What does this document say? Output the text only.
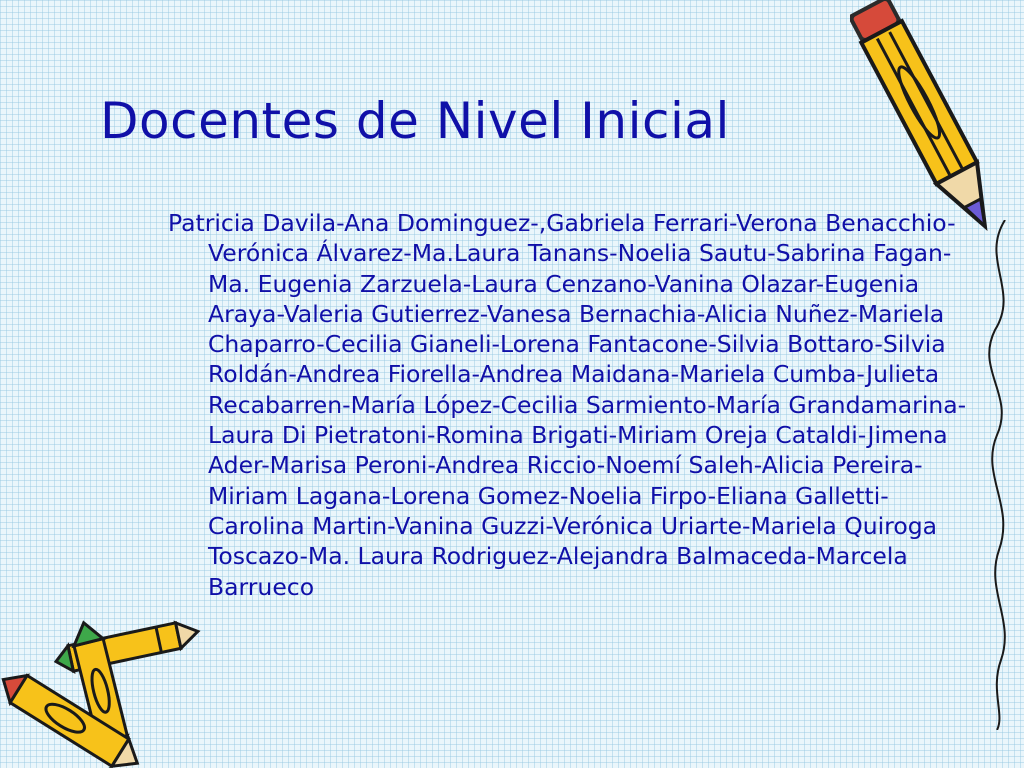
Docentes de Nivel Inicial

Patricia Davila-Ana Dominguez-,Gabriela Ferrari-Verona Benacchio-Verónica Álvarez-Ma.Laura Tanans-Noelia Sautu-Sabrina Fagan-Ma. Eugenia Zarzuela-Laura Cenzano-Vanina Olazar-Eugenia Araya-Valeria Gutierrez-Vanesa Bernachia-Alicia Nuñez-Mariela Chaparro-Cecilia Gianeli-Lorena Fantacone-Silvia Bottaro-Silvia Roldán-Andrea Fiorella-Andrea Maidana-Mariela Cumba-Julieta Recabarren-María López-Cecilia Sarmiento-María Grandamarina-Laura Di Pietratoni-Romina Brigati-Miriam Oreja Cataldi-Jimena Ader-Marisa Peroni-Andrea Riccio-Noemí Saleh-Alicia Pereira-Miriam Lagana-Lorena Gomez-Noelia Firpo-Eliana Galletti-Carolina Martin-Vanina Guzzi-Verónica Uriarte-Mariela Quiroga Toscazo-Ma. Laura Rodriguez-Alejandra Balmaceda-Marcela Barrueco
